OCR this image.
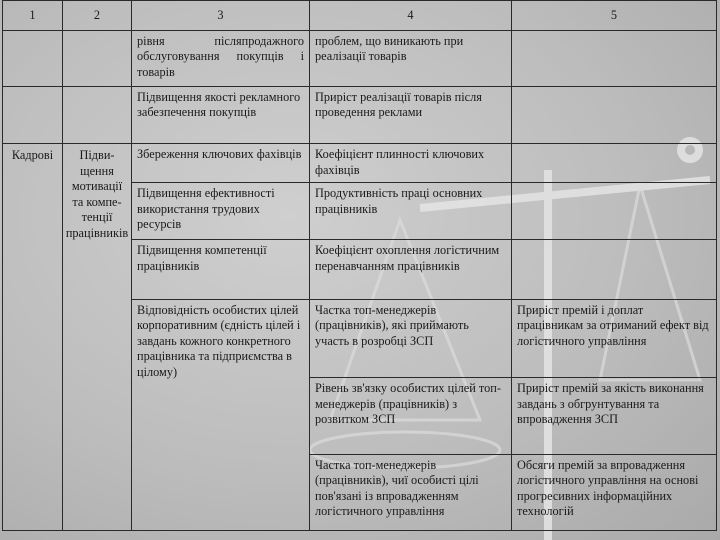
1	2	3	4	5
		рівня післяпродажного обслуговування покупців і товарів	проблем, що виникають при реалізації товарів	
		Підвищення якості рекламного забезпечення покупців	Приріст реалізації товарів після проведення реклами	
Кадрові	Підвищення мотивації та компетенції працівників	Збереження ключових фахівців	Коефіцієнт плинності ключових фахівців	
		Підвищення ефективності використання трудових ресурсів	Продуктивність праці основних працівників	
		Підвищення компетенції працівників	Коефіцієнт охоплення логістичним перенавчанням працівників	
		Відповідність особистих цілей корпоративним (єдність цілей і завдань кожного конкретного працівника та підприємства в цілому)	Частка топ-менеджерів (працівників), які приймають участь в розробці ЗСП	Приріст премій і доплат працівникам за отриманий ефект від логістичного управління
			Рівень зв'язку особистих цілей топ-менеджерів (працівників) з розвитком ЗСП	Приріст премій за якість виконання завдань з обгрунтування та впровадження ЗСП
			Частка топ-менеджерів (працівників), чиї особисті цілі пов'язані із впровадженням логістичного управління	Обсяги премій за впровадження логістичного управління на основі прогресивних інформаційних технологій
